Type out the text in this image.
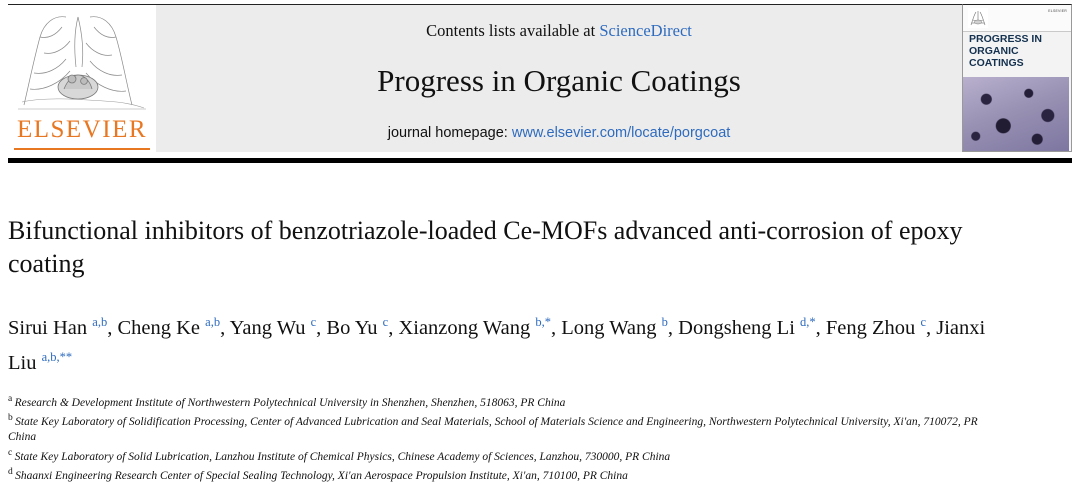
ELSEVIER
Contents lists available at ScienceDirect
Progress in Organic Coatings
journal homepage: www.elsevier.com/locate/porgcoat
ELSEVIER
PROGRESS IN ORGANIC COATINGS
Bifunctional inhibitors of benzotriazole-loaded Ce-MOFs advanced anti-corrosion of epoxy coating
Sirui Han $^{a,b}$, Cheng Ke $^{a,b}$, Yang Wu $^c$, Bo Yu $^c$, Xianzong Wang $^{b,*}$, Long Wang $^b$, Dongsheng Li $^{d,*}$, Feng Zhou $^c$, Jianxi Liu $^{a,b,**}$
$^a$ Research & Development Institute of Northwestern Polytechnical University in Shenzhen, Shenzhen, 518063, PR China
$^b$ State Key Laboratory of Solidification Processing, Center of Advanced Lubrication and Seal Materials, School of Materials Science and Engineering, Northwestern Polytechnical University, Xi'an, 710072, PR China
$^c$ State Key Laboratory of Solid Lubrication, Lanzhou Institute of Chemical Physics, Chinese Academy of Sciences, Lanzhou, 730000, PR China
$^d$ Shaanxi Engineering Research Center of Special Sealing Technology, Xi'an Aerospace Propulsion Institute, Xi'an, 710100, PR China
